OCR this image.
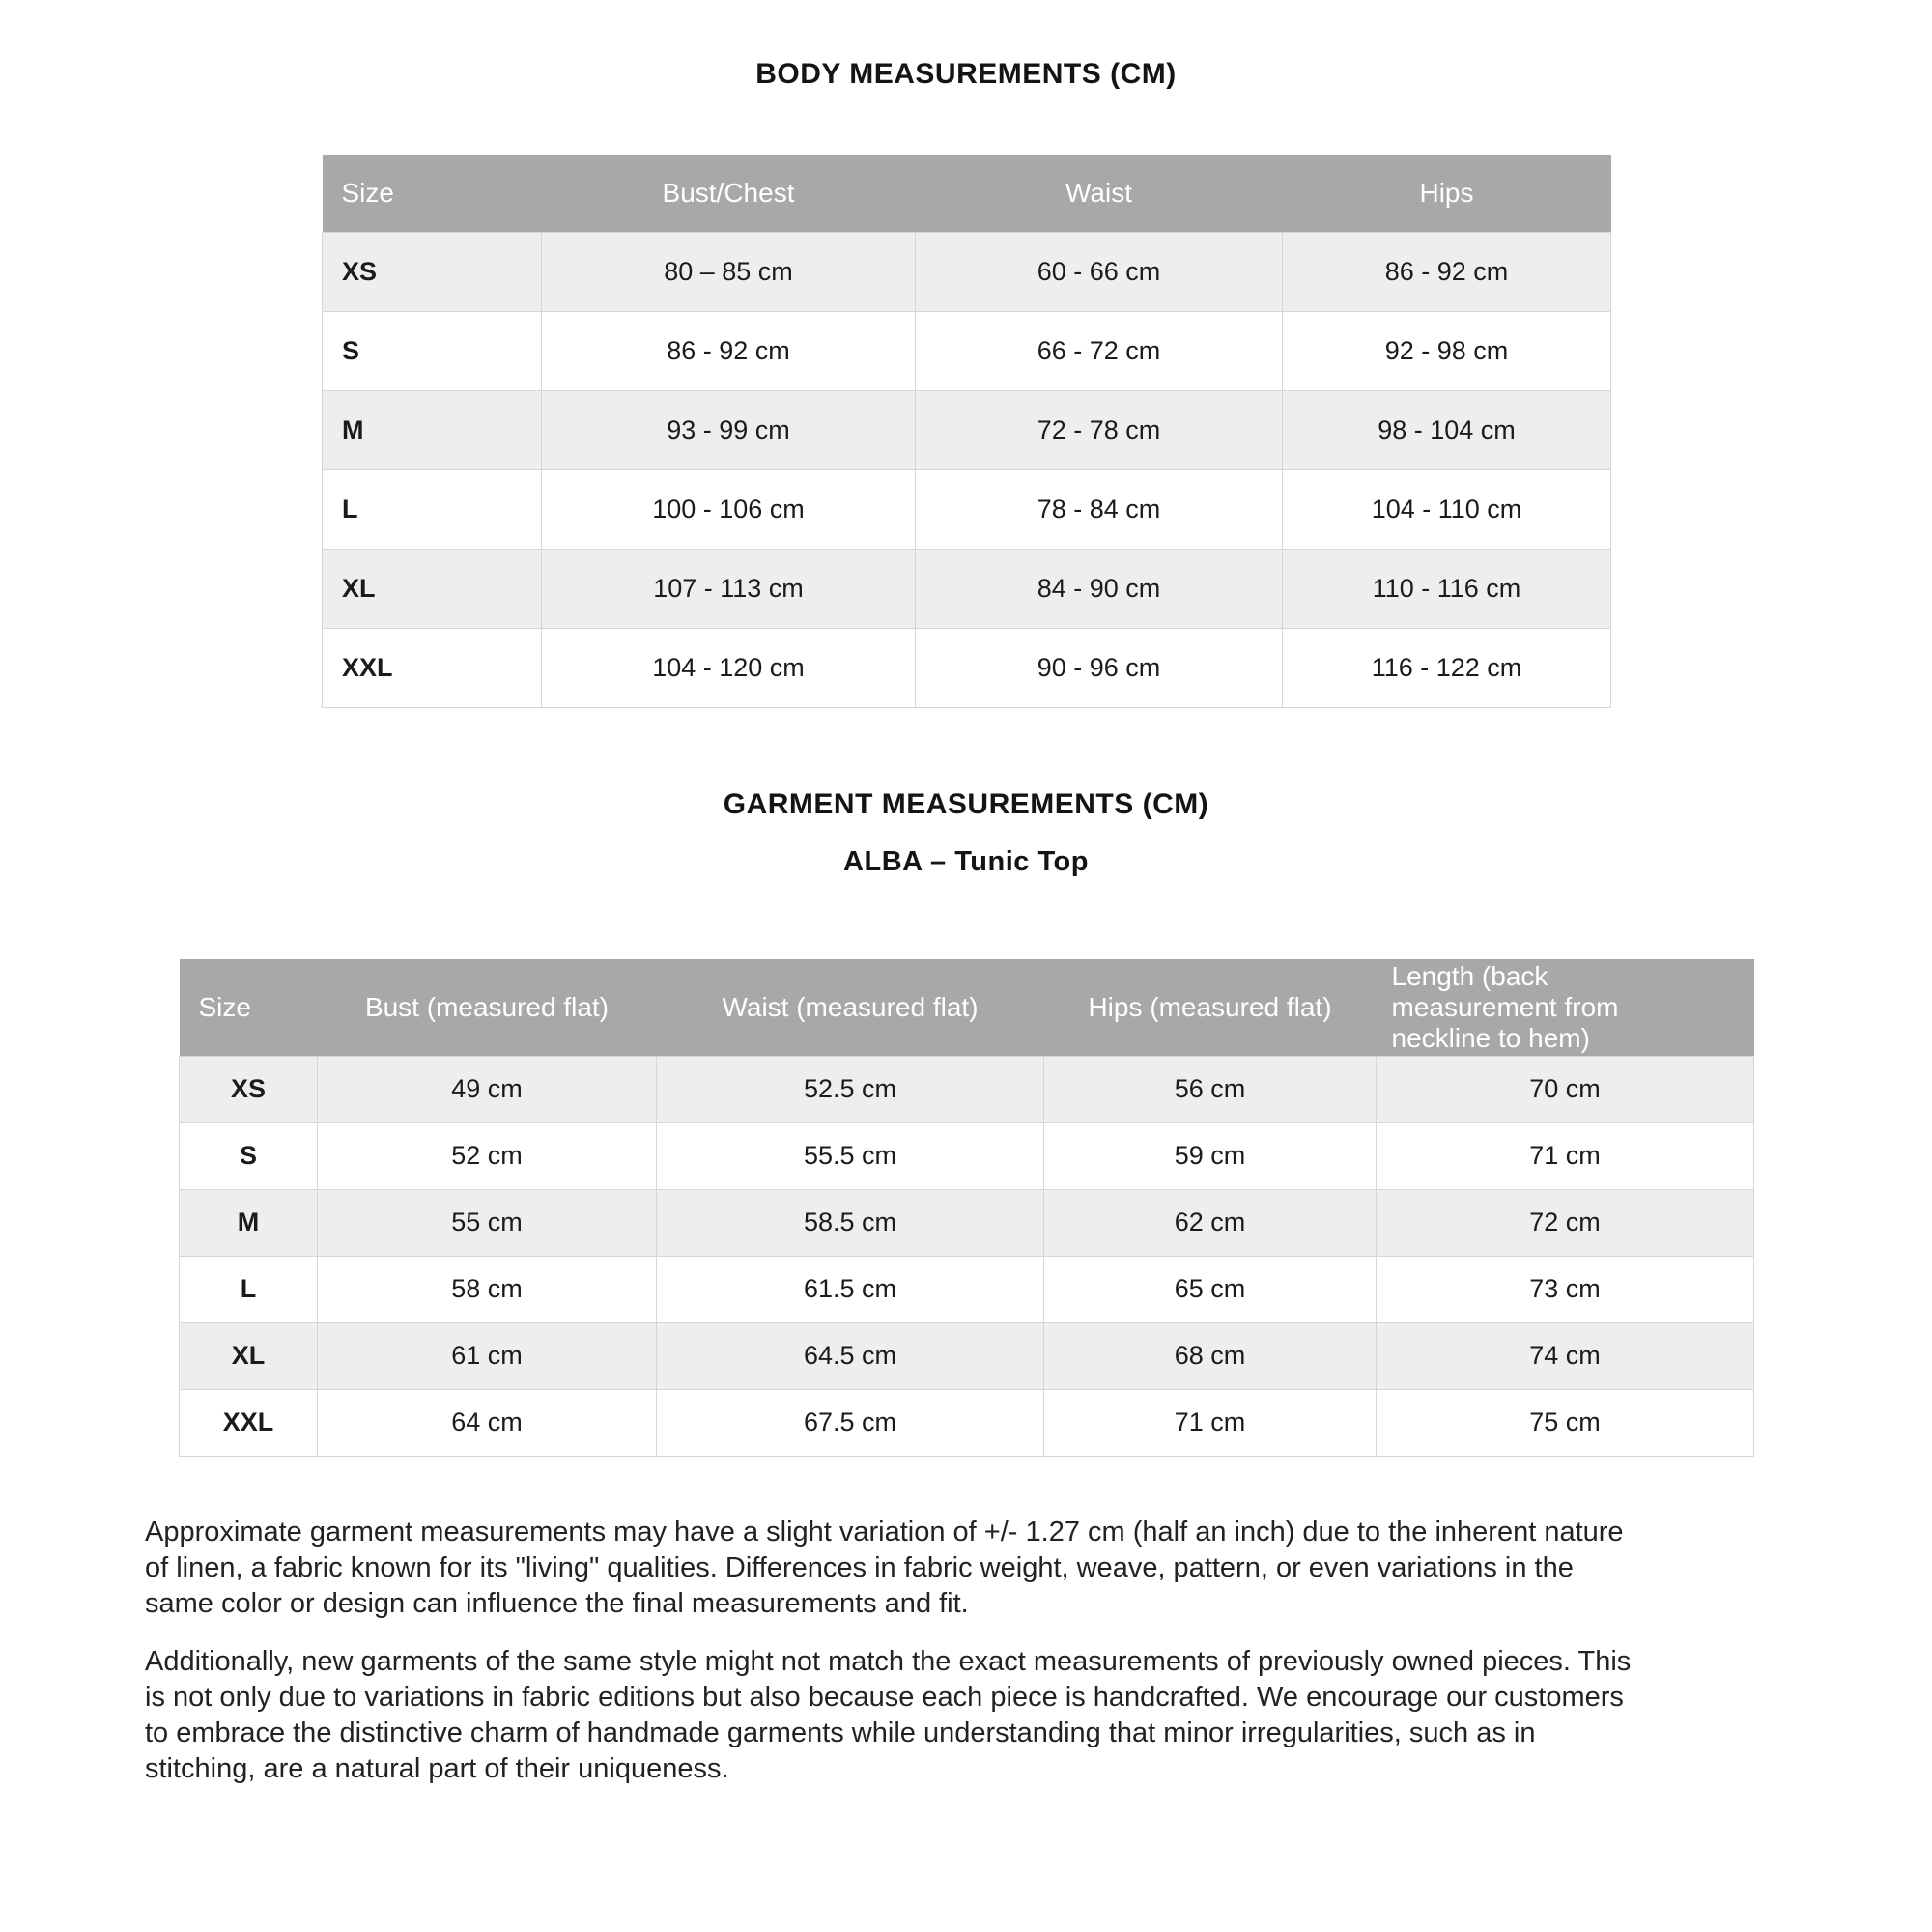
BODY MEASUREMENTS (CM)
Size	Bust/Chest	Waist	Hips
XS	80 – 85 cm	60 - 66 cm	86 - 92 cm
S	86 - 92 cm	66 - 72 cm	92 - 98 cm
M	93 - 99 cm	72 - 78 cm	98 - 104 cm
L	100 - 106 cm	78 - 84 cm	104 - 110 cm
XL	107 - 113 cm	84 - 90 cm	110 - 116 cm
XXL	104 - 120 cm	90 - 96 cm	116 - 122 cm
GARMENT MEASUREMENTS (CM)
ALBA – Tunic Top
Size	Bust (measured flat)	Waist (measured flat)	Hips (measured flat)	Length (back measurement from neckline to hem)
XS	49 cm	52.5 cm	56 cm	70 cm
S	52 cm	55.5 cm	59 cm	71 cm
M	55 cm	58.5 cm	62 cm	72 cm
L	58 cm	61.5 cm	65 cm	73 cm
XL	61 cm	64.5 cm	68 cm	74 cm
XXL	64 cm	67.5 cm	71 cm	75 cm
Approximate garment measurements may have a slight variation of +/- 1.27 cm (half an inch) due to the inherent nature
of linen, a fabric known for its "living" qualities. Differences in fabric weight, weave, pattern, or even variations in the
same color or design can influence the final measurements and fit.
Additionally, new garments of the same style might not match the exact measurements of previously owned pieces. This
is not only due to variations in fabric editions but also because each piece is handcrafted. We encourage our customers
to embrace the distinctive charm of handmade garments while understanding that minor irregularities, such as in
stitching, are a natural part of their uniqueness.
